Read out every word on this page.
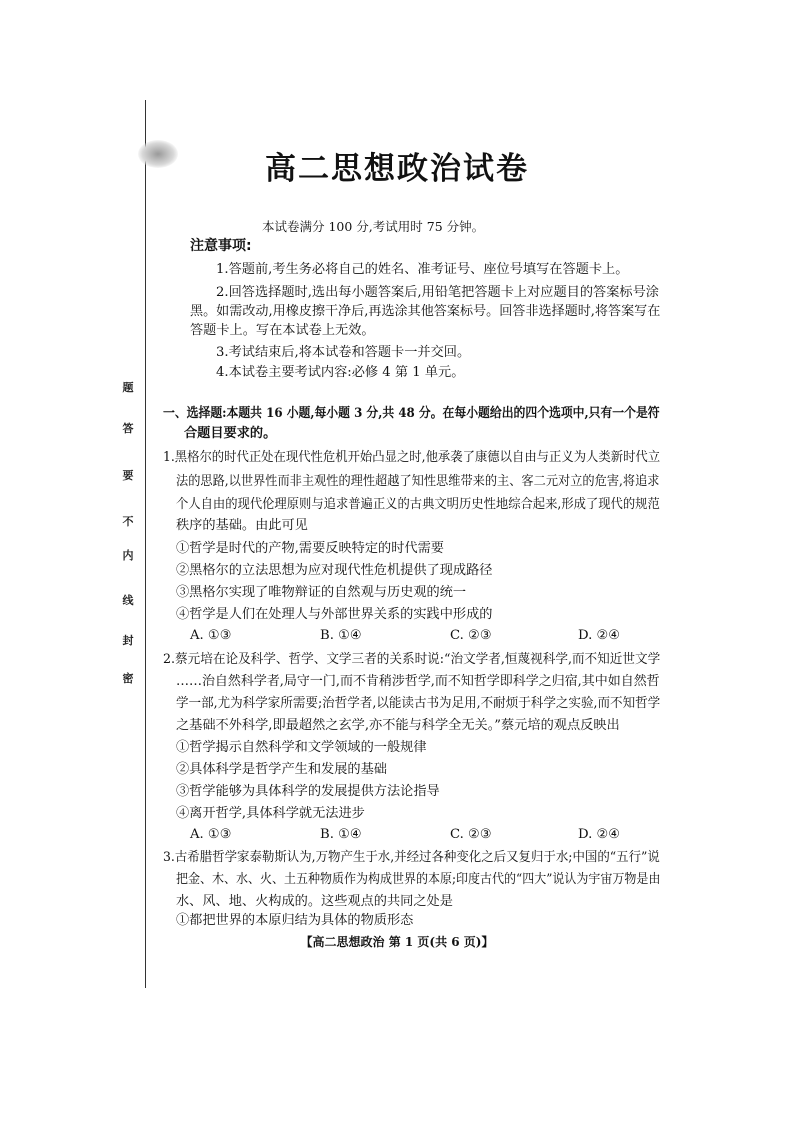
题
答
要
不
内
线
封
密
高二思想政治试卷
本试卷满分 100 分,考试用时 75 分钟。
注意事项:
1.答题前,考生务必将自己的姓名、准考证号、座位号填写在答题卡上。
2.回答选择题时,选出每小题答案后,用铅笔把答题卡上对应题目的答案标号涂
黑。如需改动,用橡皮擦干净后,再选涂其他答案标号。回答非选择题时,将答案写在
答题卡上。写在本试卷上无效。
3.考试结束后,将本试卷和答题卡一并交回。
4.本试卷主要考试内容:必修 4 第 1 单元。
一、选择题:本题共 16 小题,每小题 3 分,共 48 分。在每小题给出的四个选项中,只有一个是符
合题目要求的。
1.黑格尔的时代正处在现代性危机开始凸显之时,他承袭了康德以自由与正义为人类新时代立
法的思路,以世界性而非主观性的理性超越了知性思维带来的主、客二元对立的危害,将追求
个人自由的现代伦理原则与追求普遍正义的古典文明历史性地综合起来,形成了现代的规范
秩序的基础。由此可见
①哲学是时代的产物,需要反映特定的时代需要
②黑格尔的立法思想为应对现代性危机提供了现成路径
③黑格尔实现了唯物辩证的自然观与历史观的统一
④哲学是人们在处理人与外部世界关系的实践中形成的
A. ①③	B. ①④	C. ②③	D. ②④
2.蔡元培在论及科学、哲学、文学三者的关系时说:“治文学者,恒蔑视科学,而不知近世文学
……治自然科学者,局守一门,而不肯稍涉哲学,而不知哲学即科学之归宿,其中如自然哲
学一部,尤为科学家所需要;治哲学者,以能读古书为足用,不耐烦于科学之实验,而不知哲学
之基础不外科学,即最超然之玄学,亦不能与科学全无关。”蔡元培的观点反映出
①哲学揭示自然科学和文学领域的一般规律
②具体科学是哲学产生和发展的基础
③哲学能够为具体科学的发展提供方法论指导
④离开哲学,具体科学就无法进步
A. ①③	B. ①④	C. ②③	D. ②④
3.古希腊哲学家泰勒斯认为,万物产生于水,并经过各种变化之后又复归于水;中国的“五行”说
把金、木、水、火、土五种物质作为构成世界的本原;印度古代的“四大”说认为宇宙万物是由
水、风、地、火构成的。这些观点的共同之处是
①都把世界的本原归结为具体的物质形态
【高二思想政治 第 1 页(共 6 页)】
